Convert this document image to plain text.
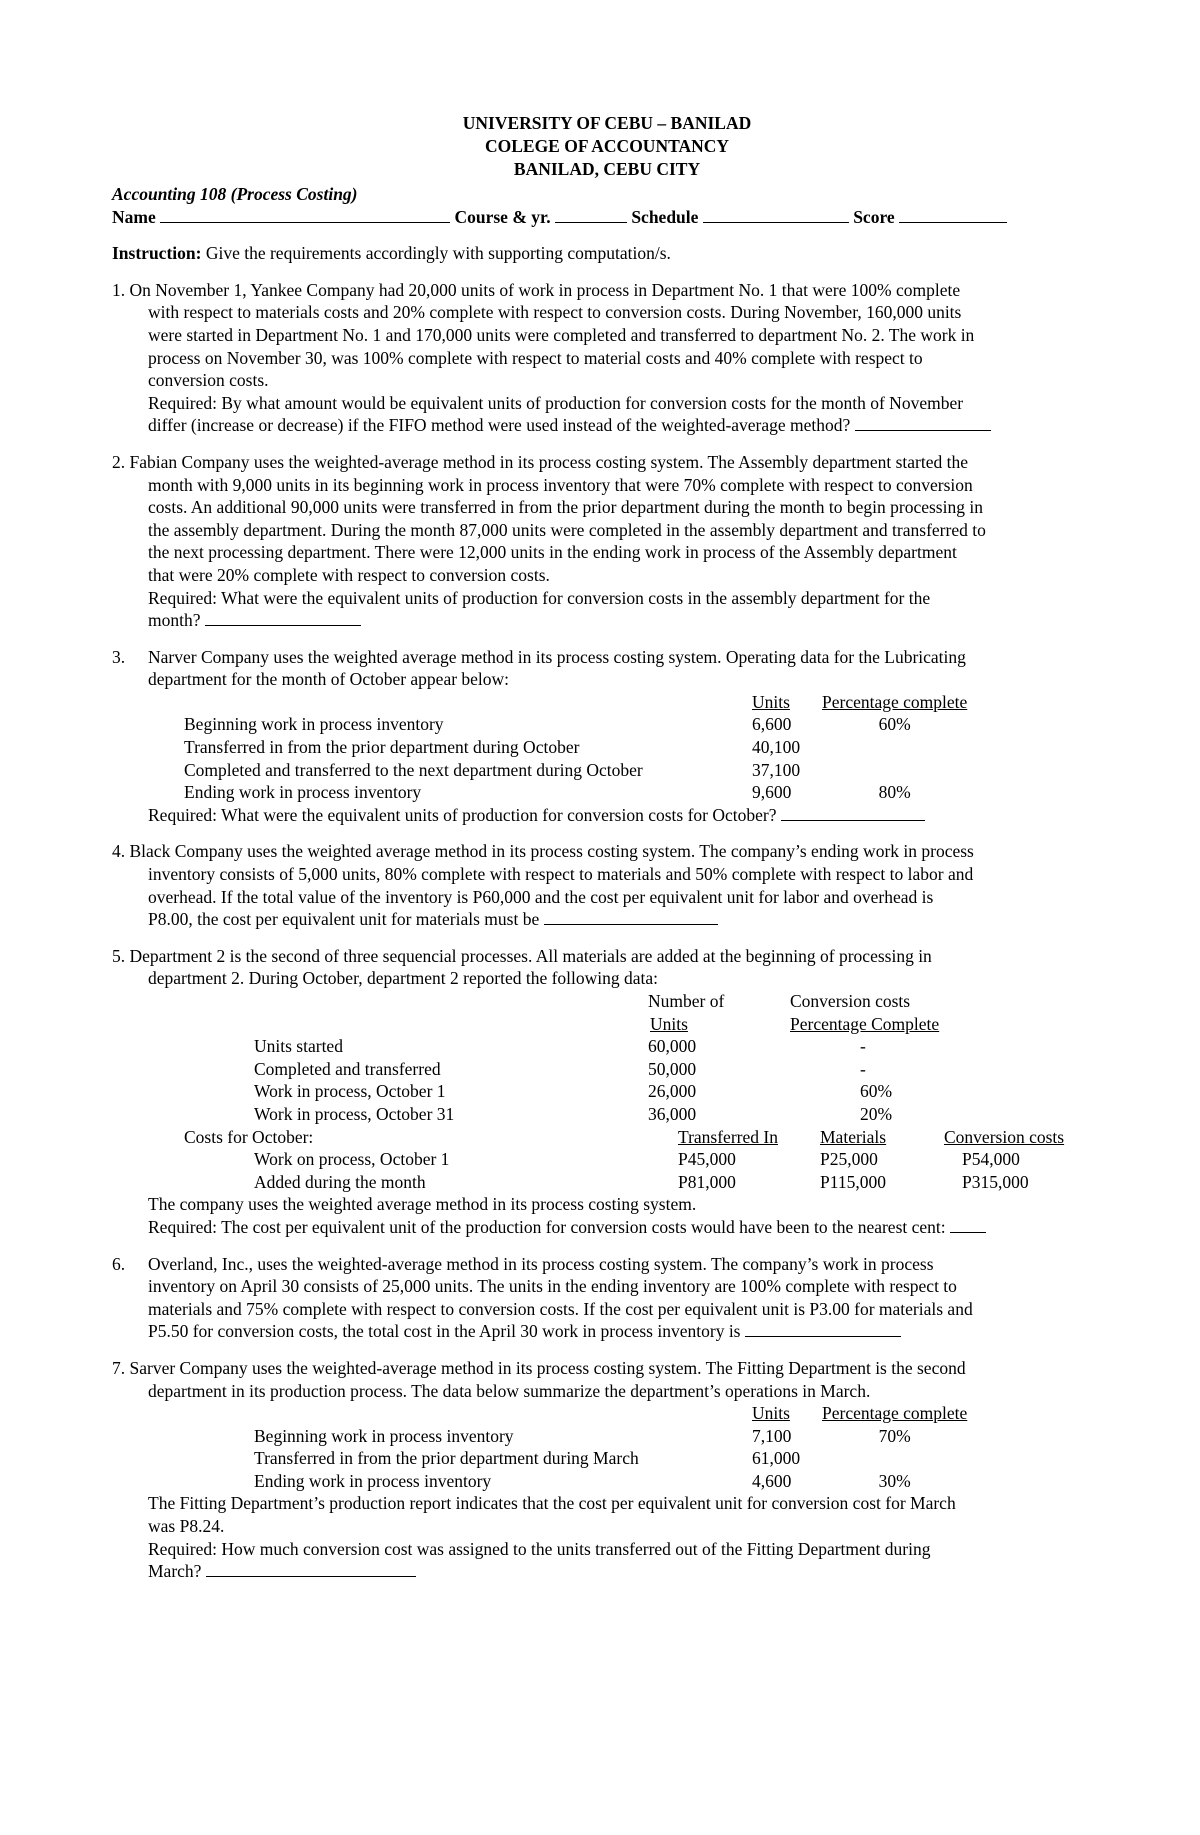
UNIVERSITY OF CEBU – BANILAD
COLEGE OF ACCOUNTANCY
BANILAD, CEBU CITY
Accounting 108 (Process Costing)
Name	Course & yr.	Schedule	Score
Instruction: Give the requirements accordingly with supporting computation/s.
1. On November 1, Yankee Company had 20,000 units of work in process in Department No. 1 that were 100% complete
with respect to materials costs and 20% complete with respect to conversion costs. During November, 160,000 units
were started in Department No. 1 and 170,000 units were completed and transferred to department No. 2. The work in
process on November 30, was 100% complete with respect to material costs and 40% complete with respect to
conversion costs.
Required: By what amount would be equivalent units of production for conversion costs for the month of November
differ (increase or decrease) if the FIFO method were used instead of the weighted-average method?
2. Fabian Company uses the weighted-average method in its process costing system. The Assembly department started the
month with 9,000 units in its beginning work in process inventory that were 70% complete with respect to conversion
costs. An additional 90,000 units were transferred in from the prior department during the month to begin processing in
the assembly department. During the month 87,000 units were completed in the assembly department and transferred to
the next processing department. There were 12,000 units in the ending work in process of the Assembly department
that were 20% complete with respect to conversion costs.
Required: What were the equivalent units of production for conversion costs in the assembly department for the
month?
3. Narver Company uses the weighted average method in its process costing system. Operating data for the Lubricating
department for the month of October appear below:
	Units	Percentage complete
Beginning work in process inventory	6,600	60%
Transferred in from the prior department during October	40,100	
Completed and transferred to the next department during October	37,100	
Ending work in process inventory	9,600	80%
Required: What were the equivalent units of production for conversion costs for October?
4. Black Company uses the weighted average method in its process costing system. The company’s ending work in process
inventory consists of 5,000 units, 80% complete with respect to materials and 50% complete with respect to labor and
overhead. If the total value of the inventory is P60,000 and the cost per equivalent unit for labor and overhead is
P8.00, the cost per equivalent unit for materials must be
5. Department 2 is the second of three sequencial processes. All materials are added at the beginning of processing in
department 2. During October, department 2 reported the following data:
	Number of	Conversion costs
	Units	Percentage Complete
Units started	60,000	-
Completed and transferred	50,000	-
Work in process, October 1	26,000	60%
Work in process, October 31	36,000	20%
Costs for October:	Transferred In	Materials	Conversion costs
Work on process, October 1	P45,000	P25,000	P54,000
Added during the month	P81,000	P115,000	P315,000
The company uses the weighted average method in its process costing system.
Required: The cost per equivalent unit of the production for conversion costs would have been to the nearest cent:
6. Overland, Inc., uses the weighted-average method in its process costing system. The company’s work in process
inventory on April 30 consists of 25,000 units. The units in the ending inventory are 100% complete with respect to
materials and 75% complete with respect to conversion costs. If the cost per equivalent unit is P3.00 for materials and
P5.50 for conversion costs, the total cost in the April 30 work in process inventory is
7. Sarver Company uses the weighted-average method in its process costing system. The Fitting Department is the second
department in its production process. The data below summarize the department’s operations in March.
	Units	Percentage complete
Beginning work in process inventory	7,100	70%
Transferred in from the prior department during March	61,000	
Ending work in process inventory	4,600	30%
The Fitting Department’s production report indicates that the cost per equivalent unit for conversion cost for March
was P8.24.
Required: How much conversion cost was assigned to the units transferred out of the Fitting Department during
March?
